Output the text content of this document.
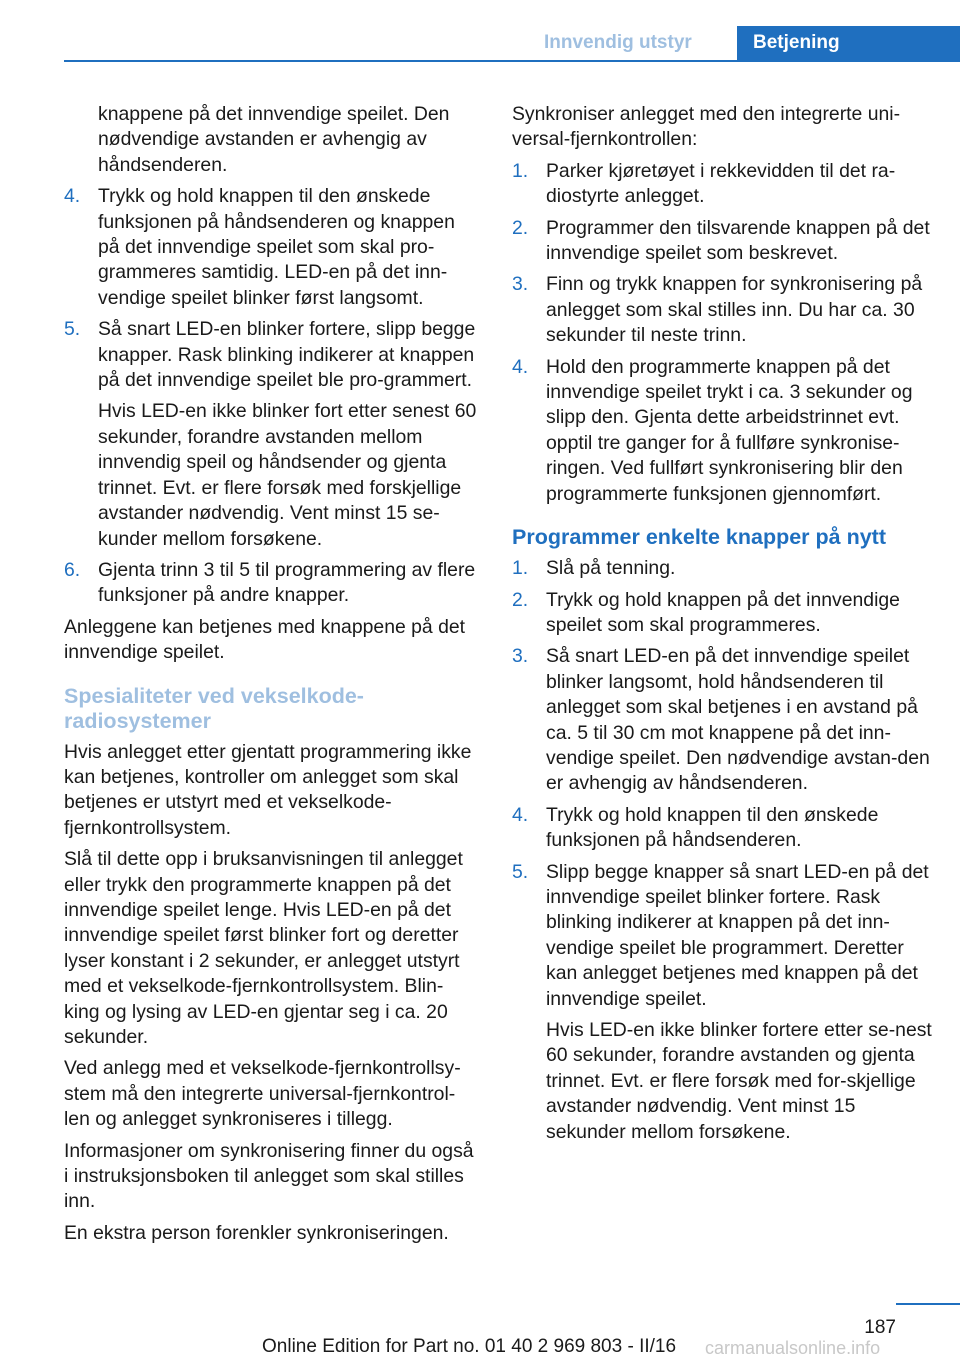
Innvendig utstyr	Betjening

knappene på det innvendige speilet. Den nødvendige avstanden er avhengig av håndsenderen.

4. Trykk og hold knappen til den ønskede funksjonen på håndsenderen og knappen på det innvendige speilet som skal pro-grammeres samtidig. LED-en på det inn-vendige speilet blinker først langsomt.
5. Så snart LED-en blinker fortere, slipp begge knapper. Rask blinking indikerer at knappen på det innvendige speilet ble pro-grammert.

Hvis LED-en ikke blinker fort etter senest 60 sekunder, forandre avstanden mellom innvendig speil og håndsender og gjenta trinnet. Evt. er flere forsøk med forskjellige avstander nødvendig. Vent minst 15 se-kunder mellom forsøkene.

6. Gjenta trinn 3 til 5 til programmering av flere funksjoner på andre knapper.

Anleggene kan betjenes med knappene på det innvendige speilet.

Spesialiteter ved vekselkode-radiosystemer

Hvis anlegget etter gjentatt programmering ikke kan betjenes, kontroller om anlegget som skal betjenes er utstyrt med et vekselkode-fjernkontrollsystem.

Slå til dette opp i bruksanvisningen til anlegget eller trykk den programmerte knappen på det innvendige speilet lenge. Hvis LED-en på det innvendige speilet først blinker fort og deretter lyser konstant i 2 sekunder, er anlegget utstyrt med et vekselkode-fjernkontrollsystem. Blin-king og lysing av LED-en gjentar seg i ca. 20 sekunder.

Ved anlegg med et vekselkode-fjernkontrollsy-stem må den integrerte universal-fjernkontrol-len og anlegget synkroniseres i tillegg.

Informasjoner om synkronisering finner du også i instruksjonsboken til anlegget som skal stilles inn.

En ekstra person forenkler synkroniseringen.

Synkroniser anlegget med den integrerte uni-versal-fjernkontrollen:

1. Parker kjøretøyet i rekkevidden til det ra-diostyrte anlegget.
2. Programmer den tilsvarende knappen på det innvendige speilet som beskrevet.
3. Finn og trykk knappen for synkronisering på anlegget som skal stilles inn. Du har ca. 30 sekunder til neste trinn.
4. Hold den programmerte knappen på det innvendige speilet trykt i ca. 3 sekunder og slipp den. Gjenta dette arbeidstrinnet evt. opptil tre ganger for å fullføre synkronise-ringen. Ved fullført synkronisering blir den programmerte funksjonen gjennomført.
Programmer enkelte knapper på nytt
1. Slå på tenning.
2. Trykk og hold knappen på det innvendige speilet som skal programmeres.
3. Så snart LED-en på det innvendige speilet blinker langsomt, hold håndsenderen til anlegget som skal betjenes i en avstand på ca. 5 til 30 cm mot knappene på det inn-vendige speilet. Den nødvendige avstan-den er avhengig av håndsenderen.
4. Trykk og hold knappen til den ønskede funksjonen på håndsenderen.
5. Slipp begge knapper så snart LED-en på det innvendige speilet blinker fortere. Rask blinking indikerer at knappen på det inn-vendige speilet ble programmert. Deretter kan anlegget betjenes med knappen på det innvendige speilet.

Hvis LED-en ikke blinker fortere etter se-nest 60 sekunder, forandre avstanden og gjenta trinnet. Evt. er flere forsøk med for-skjellige avstander nødvendig. Vent minst 15 sekunder mellom forsøkene.

187
Online Edition for Part no. 01 40 2 969 803 - II/16 carmanualsonline.info
